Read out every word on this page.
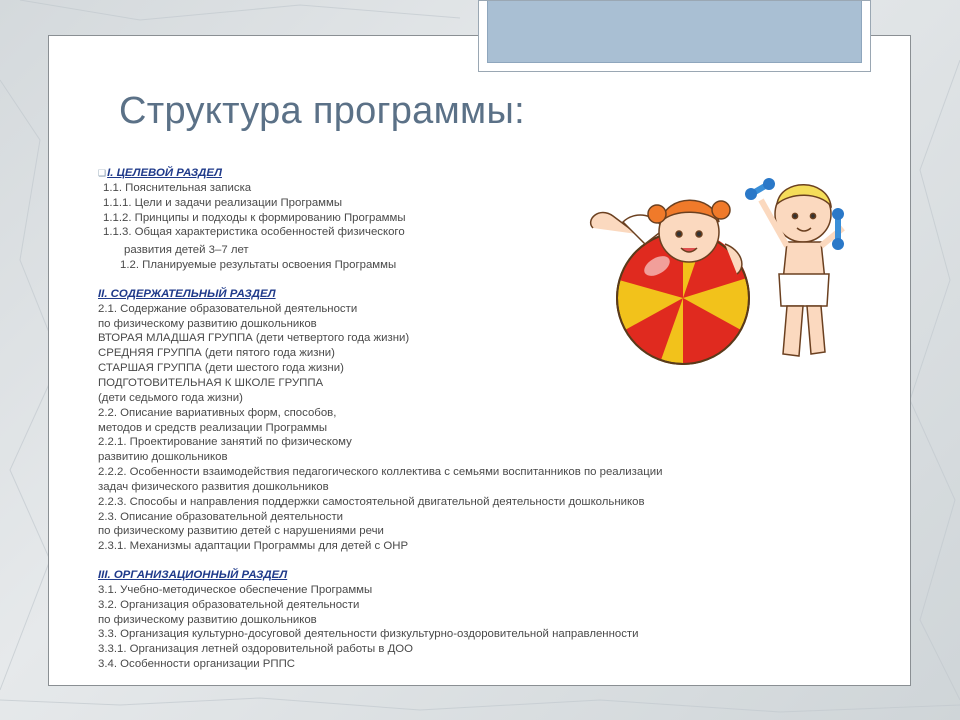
Структура программы:
❑I. ЦЕЛЕВОЙ РАЗДЕЛ
1.1. Пояснительная записка
1.1.1. Цели и задачи реализации Программы
1.1.2. Принципы и подходы к формированию Программы
1.1.3. Общая характеристика особенностей физического
развития детей 3–7 лет
1.2. Планируемые результаты освоения Программы
II. СОДЕРЖАТЕЛЬНЫЙ РАЗДЕЛ
2.1. Содержание образовательной деятельности
по физическому развитию дошкольников
ВТОРАЯ МЛАДШАЯ ГРУППА (дети четвертого года жизни)
СРЕДНЯЯ ГРУППА (дети пятого года жизни)
СТАРШАЯ ГРУППА (дети шестого года жизни)
ПОДГОТОВИТЕЛЬНАЯ К ШКОЛЕ ГРУППА
(дети седьмого года жизни)
2.2. Описание вариативных форм, способов,
методов и средств реализации Программы
2.2.1. Проектирование занятий по физическому
развитию дошкольников
2.2.2. Особенности взаимодействия педагогического коллектива с семьями воспитанников по реализации
задач физического развития дошкольников
2.2.3. Способы и направления поддержки самостоятельной двигательной деятельности дошкольников
2.3. Описание образовательной деятельности
по физическому развитию детей с нарушениями речи
2.3.1. Механизмы адаптации Программы для детей с ОНР
III. ОРГАНИЗАЦИОННЫЙ РАЗДЕЛ
3.1. Учебно-методическое обеспечение Программы
3.2. Организация образовательной деятельности
по физическому развитию дошкольников
3.3. Организация культурно-досуговой деятельности физкультурно-оздоровительной направленности
3.3.1. Организация летней оздоровительной работы в ДОО
3.4. Особенности организации РППС
